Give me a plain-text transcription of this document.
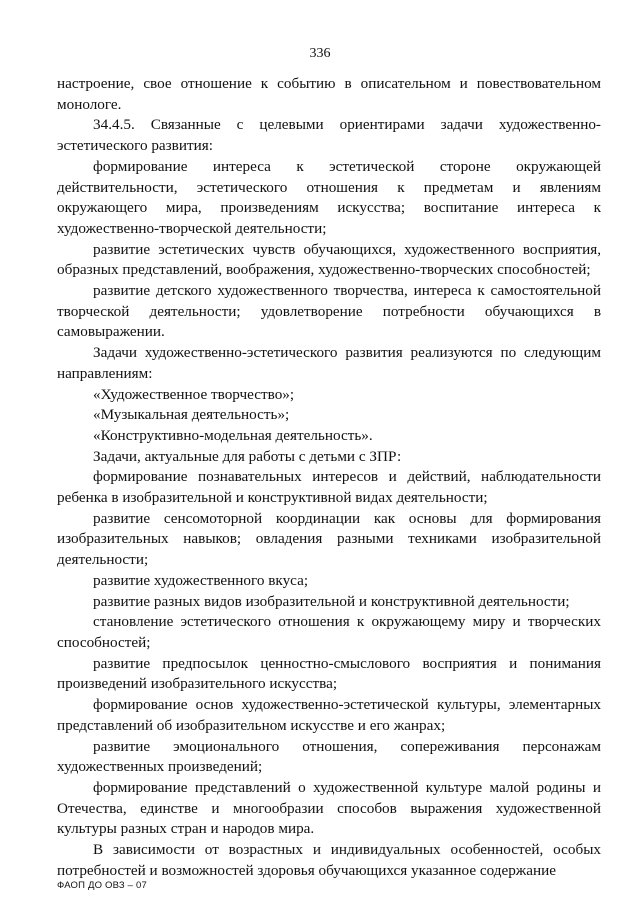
336

настроение, свое отношение к событию в описательном и повествовательном монологе.

34.4.5. Связанные с целевыми ориентирами задачи художественно-эстетического развития:

формирование интереса к эстетической стороне окружающей действительности, эстетического отношения к предметам и явлениям окружающего мира, произведениям искусства; воспитание интереса к художественно-творческой деятельности;

развитие эстетических чувств обучающихся, художественного восприятия, образных представлений, воображения, художественно-творческих способностей;

развитие детского художественного творчества, интереса к самостоятельной творческой деятельности; удовлетворение потребности обучающихся в самовыражении.

Задачи художественно-эстетического развития реализуются по следующим направлениям:

«Художественное творчество»;

«Музыкальная деятельность»;

«Конструктивно-модельная деятельность».

Задачи, актуальные для работы с детьми с ЗПР:

формирование познавательных интересов и действий, наблюдательности ребенка в изобразительной и конструктивной видах деятельности;

развитие сенсомоторной координации как основы для формирования изобразительных навыков; овладения разными техниками изобразительной деятельности;

развитие художественного вкуса;

развитие разных видов изобразительной и конструктивной деятельности;

становление эстетического отношения к окружающему миру и творческих способностей;

развитие предпосылок ценностно-смыслового восприятия и понимания произведений изобразительного искусства;

формирование основ художественно-эстетической культуры, элементарных представлений об изобразительном искусстве и его жанрах;

развитие эмоционального отношения, сопереживания персонажам художественных произведений;

формирование представлений о художественной культуре малой родины и Отечества, единстве и многообразии способов выражения художественной культуры разных стран и народов мира.

В зависимости от возрастных и индивидуальных особенностей, особых потребностей и возможностей здоровья обучающихся указанное содержание

ФАОП ДО ОВЗ – 07
